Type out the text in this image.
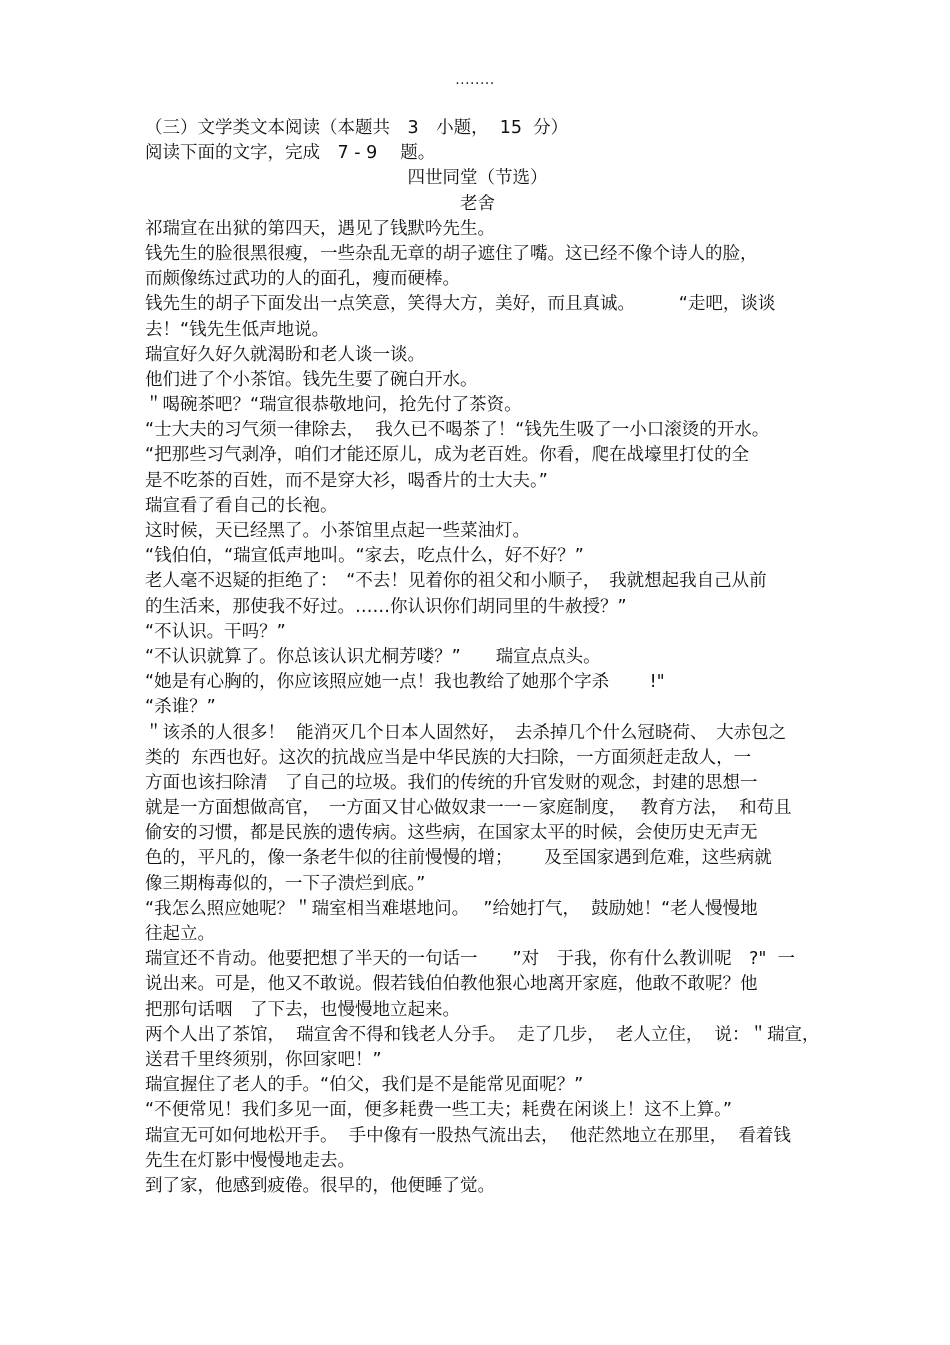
........
（三）文学类文本阅读（本题共　3　小题，  15  分）
阅读下面的文字，完成　7 - 9　 题。
四世同堂（节选）
老舍
祁瑞宣在出狱的第四天，遇见了钱默吟先生。
钱先生的脸很黑很瘦，一些杂乱无章的胡子遮住了嘴。这已经不像个诗人的脸，
而颇像练过武功的人的面孔，瘦而硬棒。
钱先生的胡子下面发出一点笑意，笑得大方，美好，而且真诚。　　　“走吧，谈谈
去！“钱先生低声地说。
瑞宣好久好久就渴盼和老人谈一谈。
他们进了个小茶馆。钱先生要了碗白开水。
＂喝碗茶吧？“瑞宣很恭敬地问，抢先付了茶资。
“士大夫的习气须一律除去，  我久已不喝茶了！“钱先生吸了一小口滚烫的开水。
“把那些习气剥净，咱们才能还原儿，成为老百姓。你看，爬在战壕里打仗的全
是不吃茶的百姓，而不是穿大衫，喝香片的士大夫。”
瑞宣看了看自己的长袍。
这时候，天已经黑了。小茶馆里点起一些菜油灯。
“钱伯伯，“瑞宣低声地叫。“家去，吃点什么，好不好？”
老人毫不迟疑的拒绝了：　“不去！见着你的祖父和小顺子，　我就想起我自己从前
的生活来，那使我不好过。……你认识你们胡同里的牛赦授？”
“不认识。干吗？”
“不认识就算了。你总该认识尤桐芳喽？”　　瑞宣点点头。
“她是有心胸的，你应该照应她一点！我也教给了她那个字杀　　 !"
“杀谁？”
＂该杀的人很多！  能消灭几个日本人固然好，　去杀掉几个什么冠晓荷、　大赤包之
类的  东西也好。这次的抗战应当是中华民族的大扫除，一方面须赶走敌人，一
方面也该扫除清　了自己的垃圾。我们的传统的升官发财的观念，封建的思想一
就是一方面想做高官，　一方面又甘心做奴隶一一－家庭制度，　 教育方法，  和苟且
偷安的习惯，都是民族的遗传病。这些病，在国家太平的时候，会使历史无声无
色的，平凡的，像一条老牛似的往前慢慢的增；　　 及至国家遇到危难，这些病就
像三期梅毒似的，一下子溃烂到底。”
“我怎么照应她呢？＂瑞室相当难堪地问。　 ”给她打气，  鼓励她！“老人慢慢地
往起立。
瑞宣还不肯动。他要把想了半天的一句话一　　”对　于我，你有什么教训呢　?"  一
说出来。可是，他又不敢说。假若钱伯伯教他狠心地离开家庭，他敢不敢呢？他
把那句话咽　了下去，也慢慢地立起来。
两个人出了茶馆，  瑞宣舍不得和钱老人分手。  走了几步，  老人立住，  说：＂瑞宣，
送君千里终须别，你回家吧！”
瑞宣握住了老人的手。“伯父，我们是不是能常见面呢？”
“不便常见！我们多见一面，便多耗费一些工夫；耗费在闲谈上！这不上算。”
瑞宣无可如何地松开手。  手中像有一股热气流出去，  他茫然地立在那里，  看着钱
先生在灯影中慢慢地走去。
到了家，他感到疲倦。很早的，他便睡了觉。
